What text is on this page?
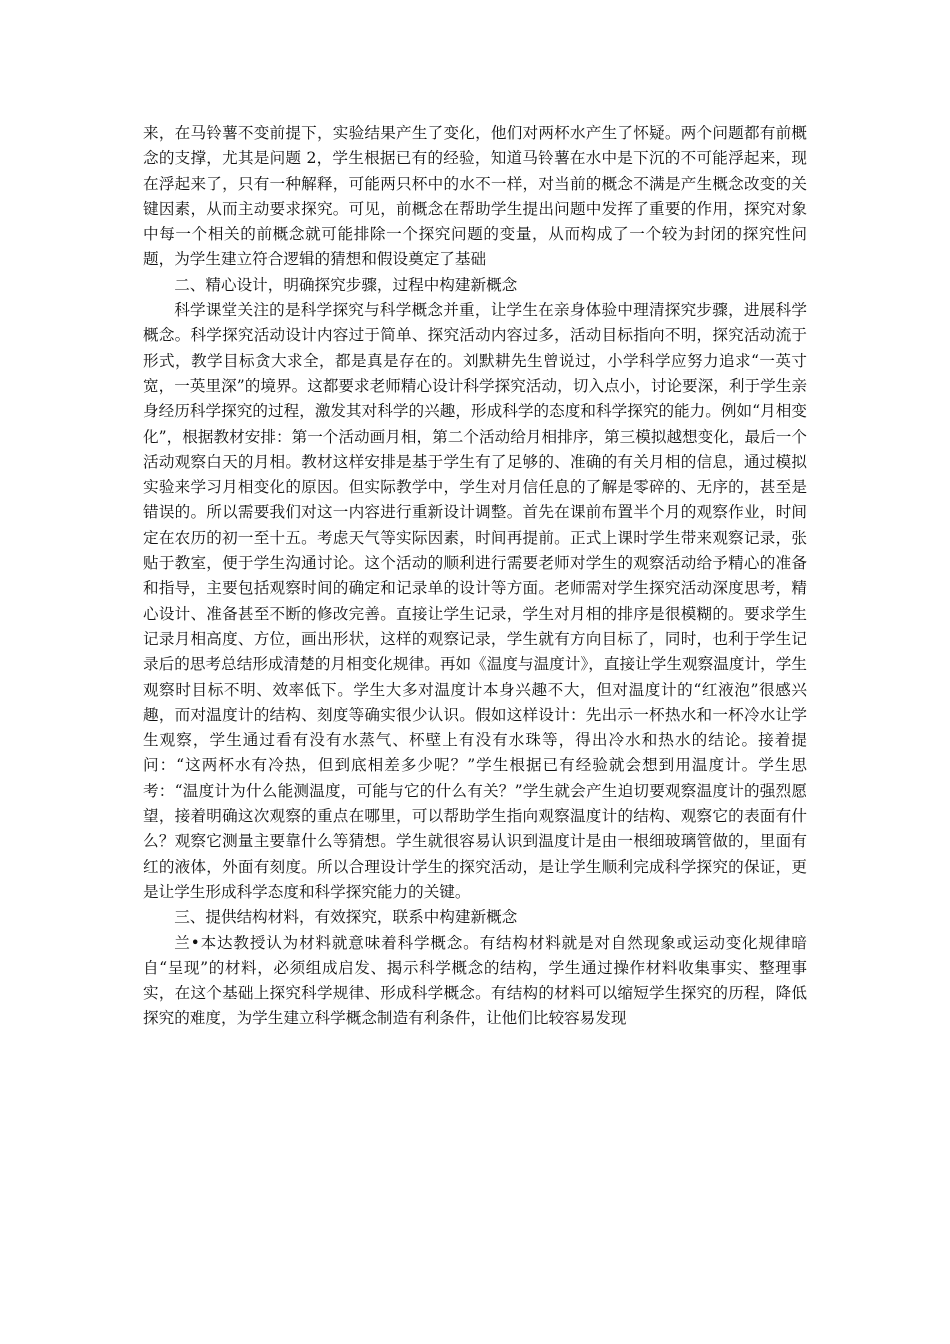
来，在马铃薯不变前提下，实验结果产生了变化，他们对两杯水产生了怀疑。两个问题都有前概念的支撑，尤其是问题 2，学生根据已有的经验，知道马铃薯在水中是下沉的不可能浮起来，现在浮起来了，只有一种解释，可能两只杯中的水不一样，对当前的概念不满是产生概念改变的关键因素，从而主动要求探究。可见，前概念在帮助学生提出问题中发挥了重要的作用，探究对象中每一个相关的前概念就可能排除一个探究问题的变量，从而构成了一个较为封闭的探究性问题，为学生建立符合逻辑的猜想和假设奠定了基础

二、精心设计，明确探究步骤，过程中构建新概念

科学课堂关注的是科学探究与科学概念并重，让学生在亲身体验中理清探究步骤，进展科学概念。科学探究活动设计内容过于简单、探究活动内容过多，活动目标指向不明，探究活动流于形式，教学目标贪大求全，都是真是存在的。刘默耕先生曾说过，小学科学应努力追求“一英寸宽，一英里深”的境界。这都要求老师精心设计科学探究活动，切入点小，讨论要深，利于学生亲身经历科学探究的过程，激发其对科学的兴趣，形成科学的态度和科学探究的能力。例如“月相变化”，根据教材安排：第一个活动画月相，第二个活动给月相排序，第三模拟越想变化，最后一个活动观察白天的月相。教材这样安排是基于学生有了足够的、准确的有关月相的信息，通过模拟实验来学习月相变化的原因。但实际教学中，学生对月信任息的了解是零碎的、无序的，甚至是错误的。所以需要我们对这一内容进行重新设计调整。首先在课前布置半个月的观察作业，时间定在农历的初一至十五。考虑天气等实际因素，时间再提前。正式上课时学生带来观察记录，张贴于教室，便于学生沟通讨论。这个活动的顺利进行需要老师对学生的观察活动给予精心的准备和指导，主要包括观察时间的确定和记录单的设计等方面。老师需对学生探究活动深度思考，精心设计、准备甚至不断的修改完善。直接让学生记录，学生对月相的排序是很模糊的。要求学生记录月相高度、方位，画出形状，这样的观察记录，学生就有方向目标了，同时，也利于学生记录后的思考总结形成清楚的月相变化规律。再如《温度与温度计》，直接让学生观察温度计，学生观察时目标不明、效率低下。学生大多对温度计本身兴趣不大，但对温度计的“红液泡”很感兴趣，而对温度计的结构、刻度等确实很少认识。假如这样设计：先出示一杯热水和一杯冷水让学生观察，学生通过看有没有水蒸气、杯壁上有没有水珠等，得出冷水和热水的结论。接着提问：“这两杯水有冷热，但到底相差多少呢？”学生根据已有经验就会想到用温度计。学生思考：“温度计为什么能测温度，可能与它的什么有关？”学生就会产生迫切要观察温度计的强烈愿望，接着明确这次观察的重点在哪里，可以帮助学生指向观察温度计的结构、观察它的表面有什么？观察它测量主要靠什么等猜想。学生就很容易认识到温度计是由一根细玻璃管做的，里面有红的液体，外面有刻度。所以合理设计学生的探究活动，是让学生顺利完成科学探究的保证，更是让学生形成科学态度和科学探究能力的关键。

三、提供结构材料，有效探究，联系中构建新概念

兰•本达教授认为材料就意味着科学概念。有结构材料就是对自然现象或运动变化规律暗自“呈现”的材料，必须组成启发、揭示科学概念的结构，学生通过操作材料收集事实、整理事实，在这个基础上探究科学规律、形成科学概念。有结构的材料可以缩短学生探究的历程，降低探究的难度，为学生建立科学概念制造有利条件，让他们比较容易发现
